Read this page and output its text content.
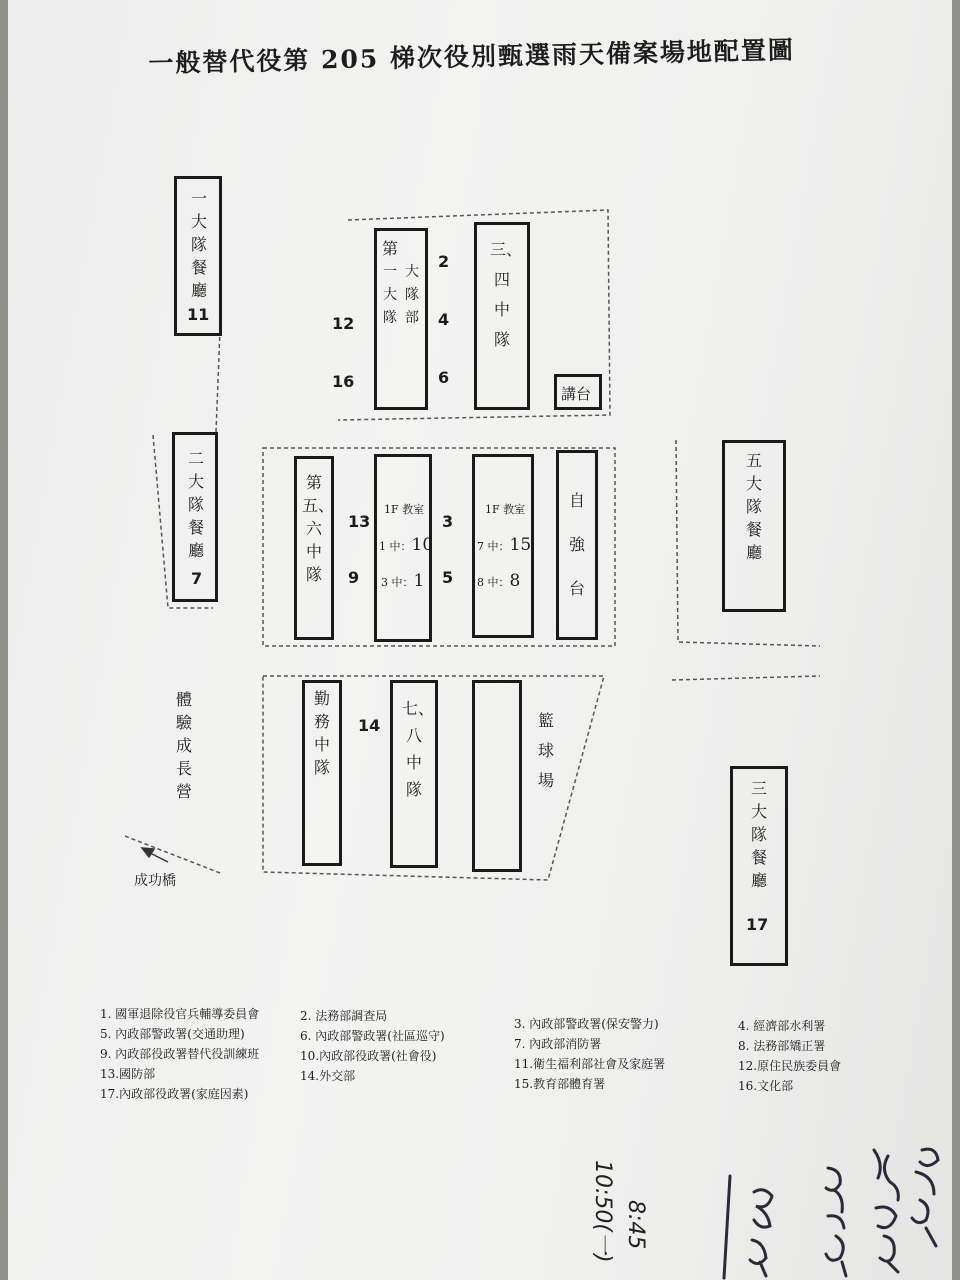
一般替代役第 205 梯次役別甄選雨天備案場地配置圖
一大隊餐廳
11
二大隊餐廳
7
第
一大隊
大隊部
2
4
6
12
16
三、四中隊
講台
第五、六中隊
13
9
1F 教室
1 中：10
3 中：1
3
5
1F 教室
7 中：15
8 中：8
自強台
勤務中隊
14
七、八中隊
籃球場
體驗成長營
成功橋
五大隊餐廳
三大隊餐廳
17
1. 國軍退除役官兵輔導委員會
5. 內政部警政署(交通助理)
9. 內政部役政署替代役訓練班
13.國防部
17.內政部役政署(家庭因素)
2. 法務部調查局
6. 內政部警政署(社區巡守)
10.內政部役政署(社會役)
14.外交部
3. 內政部警政署(保安警力)
7. 內政部消防署
11.衛生福利部社會及家庭署
15.教育部體育署
4. 經濟部水利署
8. 法務部矯正署
12.原住民族委員會
16.文化部
8:45
10:50(一)
